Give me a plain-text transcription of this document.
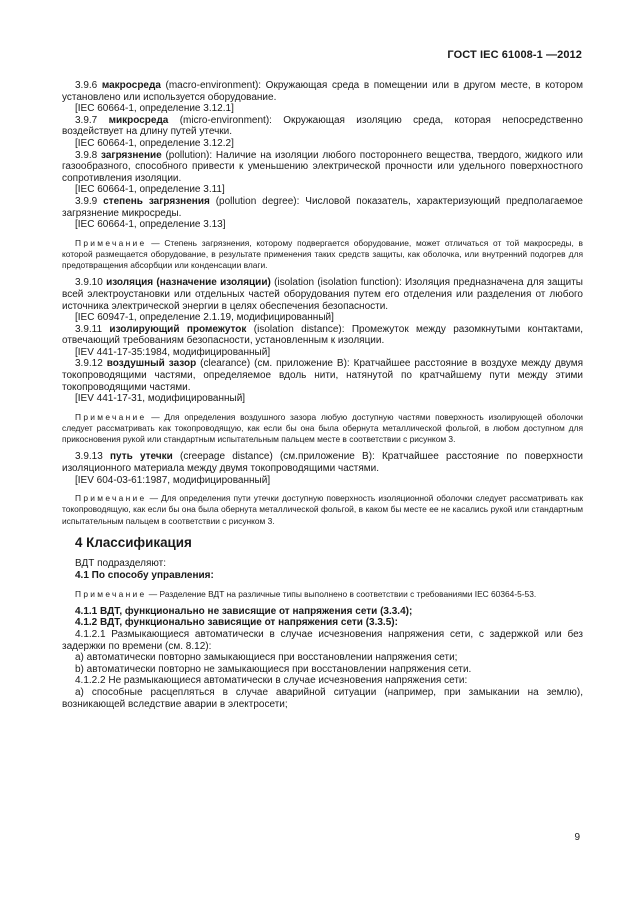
ГОСТ IEC 61008-1 —2012

3.9.6 макросреда (macro-environment): Окружающая среда в помещении или в другом месте, в котором установлено или используется оборудование.

[IEC 60664-1, определение 3.12.1]

3.9.7 микросреда (micro-environment): Окружающая изоляцию среда, которая непосредственно воздействует на длину путей утечки.

[IEC 60664-1, определение 3.12.2]

3.9.8 загрязнение (pollution): Наличие на изоляции любого постороннего вещества, твердого, жидкого или газообразного, способного привести к уменьшению электрической прочности или удельного поверхностного сопротивления изоляции.

[IEC 60664-1, определение 3.11]

3.9.9 степень загрязнения (pollution degree): Числовой показатель, характеризующий предполагаемое загрязнение микросреды.

[IEC 60664-1, определение 3.13]

Примечание — Степень загрязнения, которому подвергается оборудование, может отличаться от той макросреды, в которой размещается оборудование, в результате применения таких средств защиты, как оболочка, или внутренний подогрев для предотвращения абсорбции или конденсации влаги.

3.9.10 изоляция (назначение изоляции) (isolation (isolation function): Изоляция предназначена для защиты всей электроустановки или отдельных частей оборудования путем его отделения или разделения от любого источника электрической энергии в целях обеспечения безопасности.

[IEC 60947-1, определение 2.1.19, модифицированный]

3.9.11 изолирующий промежуток (isolation distance): Промежуток между разомкнутыми контактами, отвечающий требованиям безопасности, установленным к изоляции.

[IEV 441-17-35:1984, модифицированный]

3.9.12 воздушный зазор (clearance) (см. приложение В): Кратчайшее расстояние в воздухе между двумя токопроводящими частями, определяемое вдоль нити, натянутой по кратчайшему пути между этими токопроводящими частями.

[IEV 441-17-31, модифицированный]

Примечание — Для определения воздушного зазора любую доступную частями поверхность изолирующей оболочки следует рассматривать как токопроводящую, как если бы она была обернута металлической фольгой, в любом доступном для прикосновения рукой или стандартным испытательным пальцем месте в соответствии с рисунком 3.

3.9.13 путь утечки (creepage distance) (см.приложение В): Кратчайшее расстояние по поверхности изоляционного материала между двумя токопроводящими частями.

[IEV 604-03-61:1987, модифицированный]

Примечание — Для определения пути утечки доступную поверхность изоляционной оболочки следует рассматривать как токопроводящую, как если бы она была обернута металлической фольгой, в каком бы месте ее не касались рукой или стандартным испытательным пальцем в соответствии с рисунком 3.

4 Классификация

ВДТ подразделяют:

4.1 По способу управления:

Примечание — Разделение ВДТ на различные типы выполнено в соответствии с требованиями IEC 60364-5-53.

4.1.1 ВДТ, функционально не зависящие от напряжения сети (3.3.4);

4.1.2 ВДТ, функционально зависящие от напряжения сети (3.3.5):

4.1.2.1 Размыкающиеся автоматически в случае исчезновения напряжения сети, с задержкой или без задержки по времени (см. 8.12):

a) автоматически повторно замыкающиеся при восстановлении напряжения сети;

b) автоматически повторно не замыкающиеся при восстановлении напряжения сети.

4.1.2.2 Не размыкающиеся автоматически в случае исчезновения напряжения сети:

a) способные расцепляться в случае аварийной ситуации (например, при замыкании на землю), возникающей вследствие аварии в электросети;

9
